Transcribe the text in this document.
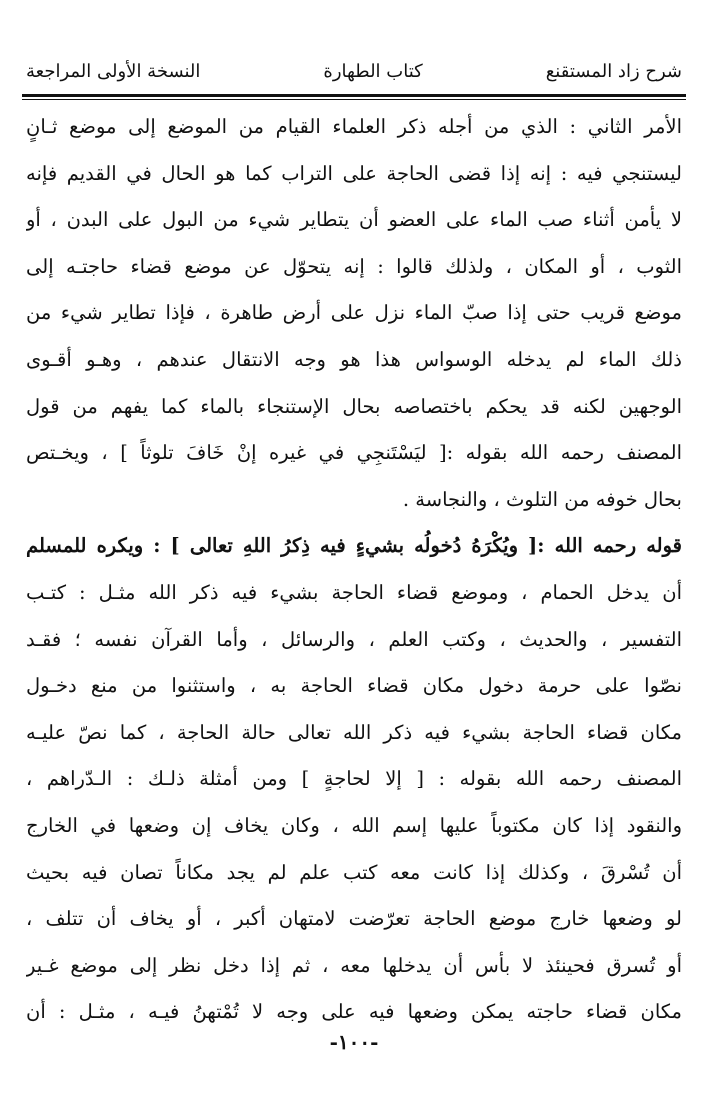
شرح زاد المستقنع
كتاب الطهارة
النسخة الأولى المراجعة
الأمر الثاني : الذي من أجله ذكر العلماء القيام من الموضع إلى موضع ثـانٍ
ليستنجي فيه : إنه إذا قضى الحاجة على التراب كما هو الحال في القديم فإنه
لا يأمن أثناء صب الماء على العضو أن يتطاير شيء من البول على البدن ، أو
الثوب ، أو المكان ، ولذلك قالوا : إنه يتحوّل عن موضع قضاء حاجتـه إلى
موضع قريب حتى إذا صبّ الماء نزل على أرض طاهرة ، فإذا تطاير شيء من
ذلك الماء لم يدخله الوسواس هذا هو وجه الانتقال عندهم ، وهـو أقـوى
الوجهين لكنه قد يحكم باختصاصه بحال الإستنجاء بالماء كما يفهم من قول
المصنف رحمه الله بقوله :[ ليَسْتَنجِي في غيره إنْ خَافَ تلوثاً ] ، ويخـتص
بحال خوفه من التلوث ، والنجاسة .
قوله رحمه الله :[ ويُكْرَهُ دُخولُه بشيءٍ فيه ذِكرُ اللهِ تعالى ] : ويكره للمسلم
أن يدخل الحمام ، وموضع قضاء الحاجة بشيء فيه ذكر الله مثـل : كتـب
التفسير ، والحديث ، وكتب العلم ، والرسائل ، وأما القرآن نفسه ؛ فقـد
نصّوا على حرمة دخول مكان قضاء الحاجة به ، واستثنوا من منع دخـول
مكان قضاء الحاجة بشيء فيه ذكر الله تعالى حالة الحاجة ، كما نصّ عليـه
المصنف رحمه الله بقوله : [ إلا لحاجةٍ ] ومن أمثلة ذلـك : الـدّراهم ،
والنقود إذا كان مكتوباً عليها إسم الله ، وكان يخاف إن وضعها في الخارج
أن تُسْرقَ ، وكذلك إذا كانت معه كتب علم لم يجد مكاناً تصان فيه بحيث
لو وضعها خارج موضع الحاجة تعرّضت لامتهان أكبر ، أو يخاف أن تتلف ،
أو تُسرق فحينئذ لا بأس أن يدخلها معه ، ثم إذا دخل نظر إلى موضع غـير
مكان قضاء حاجته يمكن وضعها فيه على وجه لا تُمْتهنُ فيـه ، مثـل : أن
-١٠٠-
